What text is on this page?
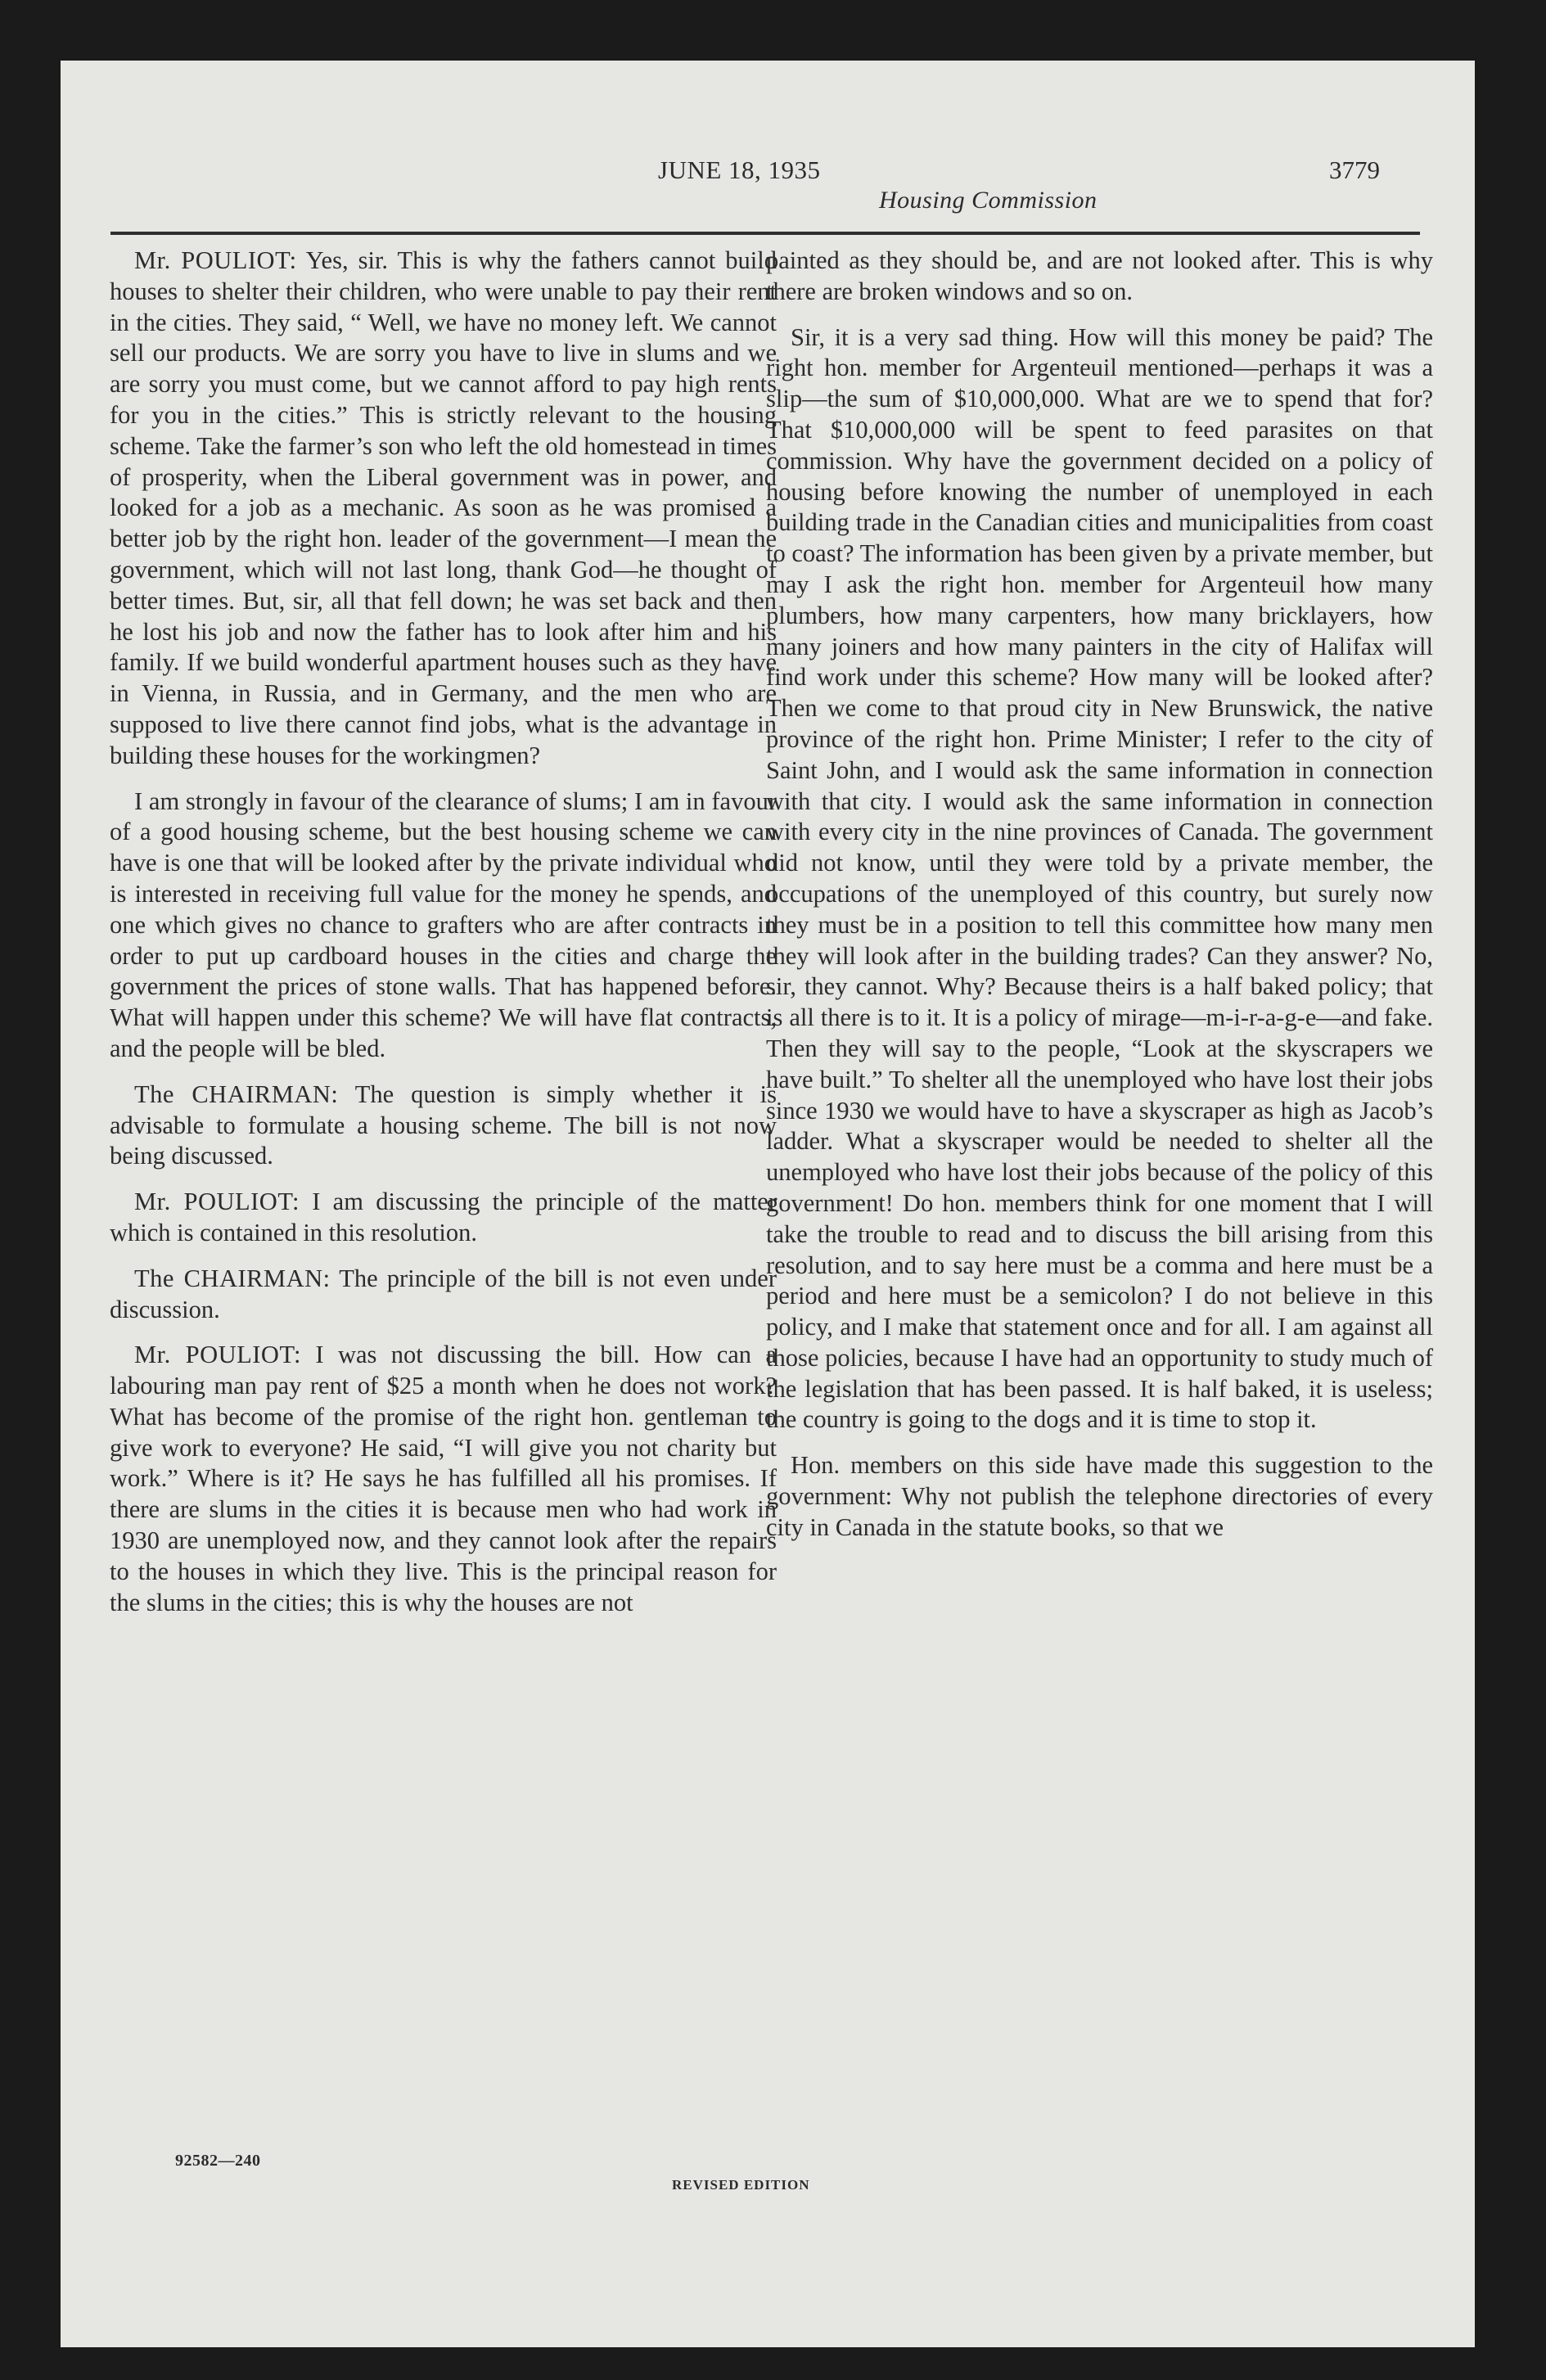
JUNE 18, 1935	3779
Housing Commission

Mr. POULIOT: Yes, sir. This is why the fathers cannot build houses to shelter their children, who were unable to pay their rent in the cities. They said, “ Well, we have no money left. We cannot sell our products. We are sorry you have to live in slums and we are sorry you must come, but we cannot afford to pay high rents for you in the cities.” This is strictly relevant to the housing scheme. Take the farmer’s son who left the old homestead in times of prosperity, when the Liberal government was in power, and looked for a job as a mechanic. As soon as he was promised a better job by the right hon. leader of the government—I mean the government, which will not last long, thank God—he thought of better times. But, sir, all that fell down; he was set back and then he lost his job and now the father has to look after him and his family. If we build wonderful apartment houses such as they have in Vienna, in Russia, and in Germany, and the men who are supposed to live there cannot find jobs, what is the advantage in building these houses for the workingmen?

I am strongly in favour of the clearance of slums; I am in favour of a good housing scheme, but the best housing scheme we can have is one that will be looked after by the private individual who is interested in receiving full value for the money he spends, and one which gives no chance to grafters who are after contracts in order to put up cardboard houses in the cities and charge the government the prices of stone walls. That has happened before. What will happen under this scheme? We will have flat contracts, and the people will be bled.

The CHAIRMAN: The question is simply whether it is advisable to formulate a housing scheme. The bill is not now being discussed.

Mr. POULIOT: I am discussing the principle of the matter which is contained in this resolution.

The CHAIRMAN: The principle of the bill is not even under discussion.

Mr. POULIOT: I was not discussing the bill. How can a labouring man pay rent of $25 a month when he does not work? What has become of the promise of the right hon. gentleman to give work to everyone? He said, “I will give you not charity but work.” Where is it? He says he has fulfilled all his promises. If there are slums in the cities it is because men who had work in 1930 are unemployed now, and they cannot look after the repairs to the houses in which they live. This is the principal reason for the slums in the cities; this is why the houses are not

painted as they should be, and are not looked after. This is why there are broken windows and so on.

Sir, it is a very sad thing. How will this money be paid? The right hon. member for Argenteuil mentioned—perhaps it was a slip—the sum of $10,000,000. What are we to spend that for? That $10,000,000 will be spent to feed parasites on that commission. Why have the government decided on a policy of housing before knowing the number of unemployed in each building trade in the Canadian cities and municipalities from coast to coast? The information has been given by a private member, but may I ask the right hon. member for Argenteuil how many plumbers, how many carpenters, how many bricklayers, how many joiners and how many painters in the city of Halifax will find work under this scheme? How many will be looked after? Then we come to that proud city in New Brunswick, the native province of the right hon. Prime Minister; I refer to the city of Saint John, and I would ask the same information in connection with that city. I would ask the same information in connection with every city in the nine provinces of Canada. The government did not know, until they were told by a private member, the occupations of the unemployed of this country, but surely now they must be in a position to tell this committee how many men they will look after in the building trades? Can they answer? No, sir, they cannot. Why? Because theirs is a half baked policy; that is all there is to it. It is a policy of mirage—m-i-r-a-g-e—and fake. Then they will say to the people, “Look at the skyscrapers we have built.” To shelter all the unemployed who have lost their jobs since 1930 we would have to have a skyscraper as high as Jacob’s ladder. What a skyscraper would be needed to shelter all the unemployed who have lost their jobs because of the policy of this government! Do hon. members think for one moment that I will take the trouble to read and to discuss the bill arising from this resolution, and to say here must be a comma and here must be a period and here must be a semicolon? I do not believe in this policy, and I make that statement once and for all. I am against all those policies, because I have had an opportunity to study much of the legislation that has been passed. It is half baked, it is useless; the country is going to the dogs and it is time to stop it.

Hon. members on this side have made this suggestion to the government: Why not publish the telephone directories of every city in Canada in the statute books, so that we

92582—240
REVISED EDITION
